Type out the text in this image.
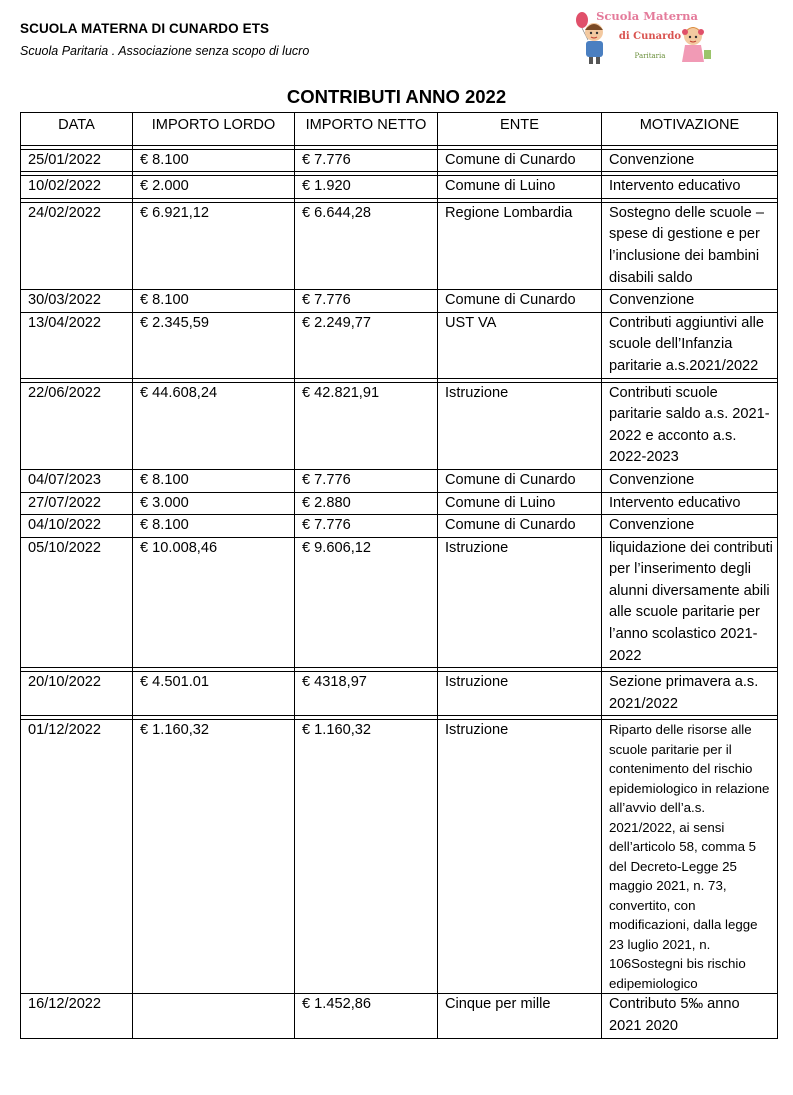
SCUOLA MATERNA DI CUNARDO ETS
Scuola Paritaria . Associazione senza scopo di lucro
Scuola Materna
di Cunardo
Paritaria
CONTRIBUTI ANNO 2022
DATA	IMPORTO LORDO	IMPORTO NETTO	ENTE	MOTIVAZIONE

25/01/2022	€ 8.100	€ 7.776	Comune di Cunardo	Convenzione

10/02/2022	€ 2.000	€ 1.920	Comune di Luino	Intervento educativo

24/02/2022	€ 6.921,12	€ 6.644,28	Regione Lombardia	Sostegno delle scuole – spese di gestione e per l’inclusione dei bambini disabili saldo
30/03/2022	€ 8.100	€ 7.776	Comune di Cunardo	Convenzione
13/04/2022	€ 2.345,59	€ 2.249,77	UST VA	Contributi aggiuntivi alle scuole dell’Infanzia paritarie a.s.2021/2022

22/06/2022	€ 44.608,24	€ 42.821,91	Istruzione	Contributi scuole paritarie saldo a.s. 2021-2022 e acconto a.s. 2022-2023
04/07/2023	€ 8.100	€ 7.776	Comune di Cunardo	Convenzione
27/07/2022	€ 3.000	€ 2.880	Comune di Luino	Intervento educativo
04/10/2022	€ 8.100	€ 7.776	Comune di Cunardo	Convenzione
05/10/2022	€ 10.008,46	€ 9.606,12	Istruzione	liquidazione dei contributi per l’inserimento degli alunni diversamente abili alle scuole paritarie per l’anno scolastico 2021-2022

20/10/2022	€ 4.501.01	€ 4318,97	Istruzione	Sezione primavera a.s. 2021/2022

01/12/2022	€ 1.160,32	€ 1.160,32	Istruzione	Riparto delle risorse alle scuole paritarie per il contenimento del rischio epidemiologico in relazione all’avvio dell’a.s. 2021/2022, ai sensi dell’articolo 58, comma 5 del Decreto-Legge 25 maggio 2021, n. 73, convertito, con modificazioni, dalla legge 23 luglio 2021, n. 106Sostegni bis rischio edipemiologico
16/12/2022		€ 1.452,86	Cinque per mille	Contributo 5‰ anno 2021 2020
